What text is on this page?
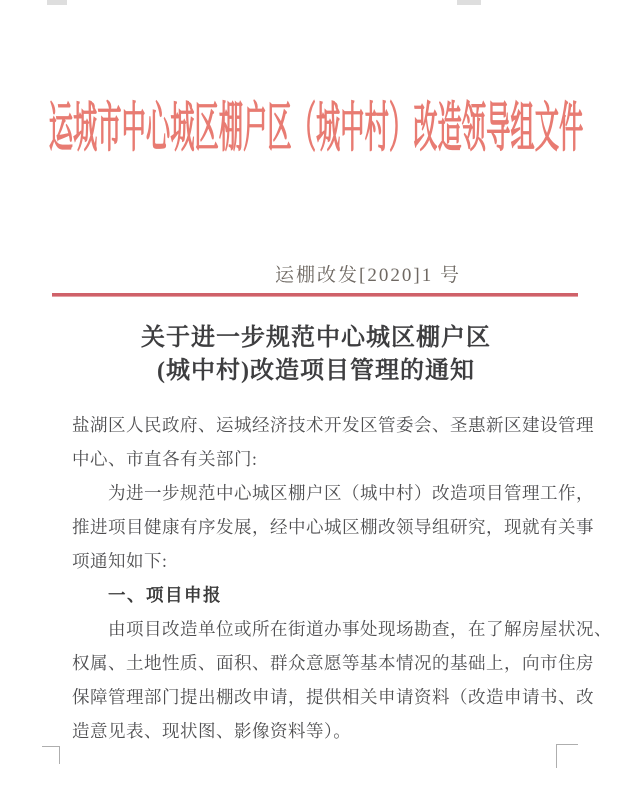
运城市中心城区棚户区（城中村）改造领导组文件
运棚改发[2020]1 号
关于进一步规范中心城区棚户区
(城中村)改造项目管理的通知
盐湖区人民政府、运城经济技术开发区管委会、圣惠新区建设管理
中心、市直各有关部门:
为进一步规范中心城区棚户区（城中村）改造项目管理工作，
推进项目健康有序发展，经中心城区棚改领导组研究，现就有关事
项通知如下:
一、项目申报
由项目改造单位或所在街道办事处现场勘查，在了解房屋状况、
权属、土地性质、面积、群众意愿等基本情况的基础上，向市住房
保障管理部门提出棚改申请，提供相关申请资料（改造申请书、改
造意见表、现状图、影像资料等）。
